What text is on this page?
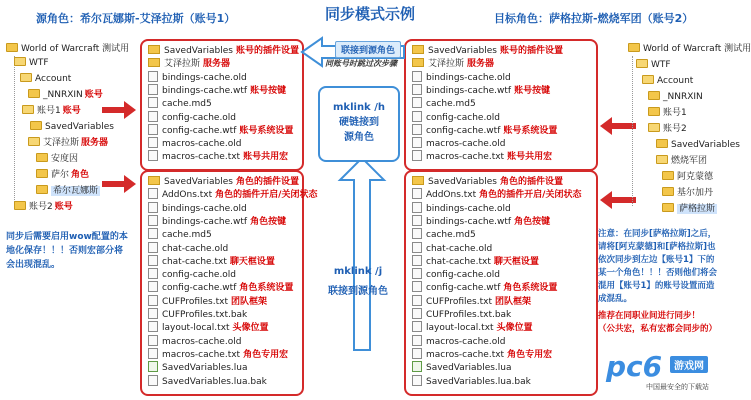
同步模式示例
源角色：希尔瓦娜斯-艾泽拉斯（账号1）	目标角色：萨格拉斯-燃烧军团（账号2）
World of Warcraft 测试用
WTF
Account
_NNRXIN 账号
账号1 账号
SavedVariables
艾泽拉斯 服务器
安度因
萨尔 角色
希尔瓦娜斯
账号2 账号
SavedVariables 账号的插件设置
艾泽拉斯 服务器
bindings-cache.old
bindings-cache.wtf 账号按键
cache.md5
config-cache.old
config-cache.wtf 账号系统设置
macros-cache.old
macros-cache.txt 账号共用宏
SavedVariables 角色的插件设置
AddOns.txt 角色的插件开启/关闭状态
bindings-cache.old
bindings-cache.wtf 角色按键
cache.md5
chat-cache.old
chat-cache.txt 聊天框设置
config-cache.old
config-cache.wtf 角色系统设置
CUFProfiles.txt 团队框架
CUFProfiles.txt.bak
layout-local.txt 头像位置
macros-cache.old
macros-cache.txt 角色专用宏
SavedVariables.lua
SavedVariables.lua.bak
SavedVariables 账号的插件设置
艾泽拉斯 服务器
bindings-cache.old
bindings-cache.wtf 账号按键
cache.md5
config-cache.old
config-cache.wtf 账号系统设置
macros-cache.old
macros-cache.txt 账号共用宏
SavedVariables 角色的插件设置
AddOns.txt 角色的插件开启/关闭状态
bindings-cache.old
bindings-cache.wtf 角色按键
cache.md5
chat-cache.old
chat-cache.txt 聊天框设置
config-cache.old
config-cache.wtf 角色系统设置
CUFProfiles.txt 团队框架
CUFProfiles.txt.bak
layout-local.txt 头像位置
macros-cache.old
macros-cache.txt 角色专用宏
SavedVariables.lua
SavedVariables.lua.bak
联接到源角色
同账号时跳过次步骤
mklink /h
硬链接到
源角色
mklink /j
联接到源角色
同步后需要启用wow配置的本
地化保存！！！否则宏部分将
会出现混乱。
World of Warcraft 测试用
WTF
Account
_NNRXIN
账号1
账号2
SavedVariables
燃烧军团
阿克蒙德
基尔加丹
萨格拉斯
注意：在同步[萨格拉斯]之后，
请将[阿克蒙德]和[萨格拉斯]也
依次同步到左边【账号1】下的
某一个角色！！！否则他们将会
混用【账号1】的账号设置而造
成混乱。
推荐在同职业间进行同步！
（公共宏，私有宏都会同步的）
pc6	游戏网
中国最安全的下载站
